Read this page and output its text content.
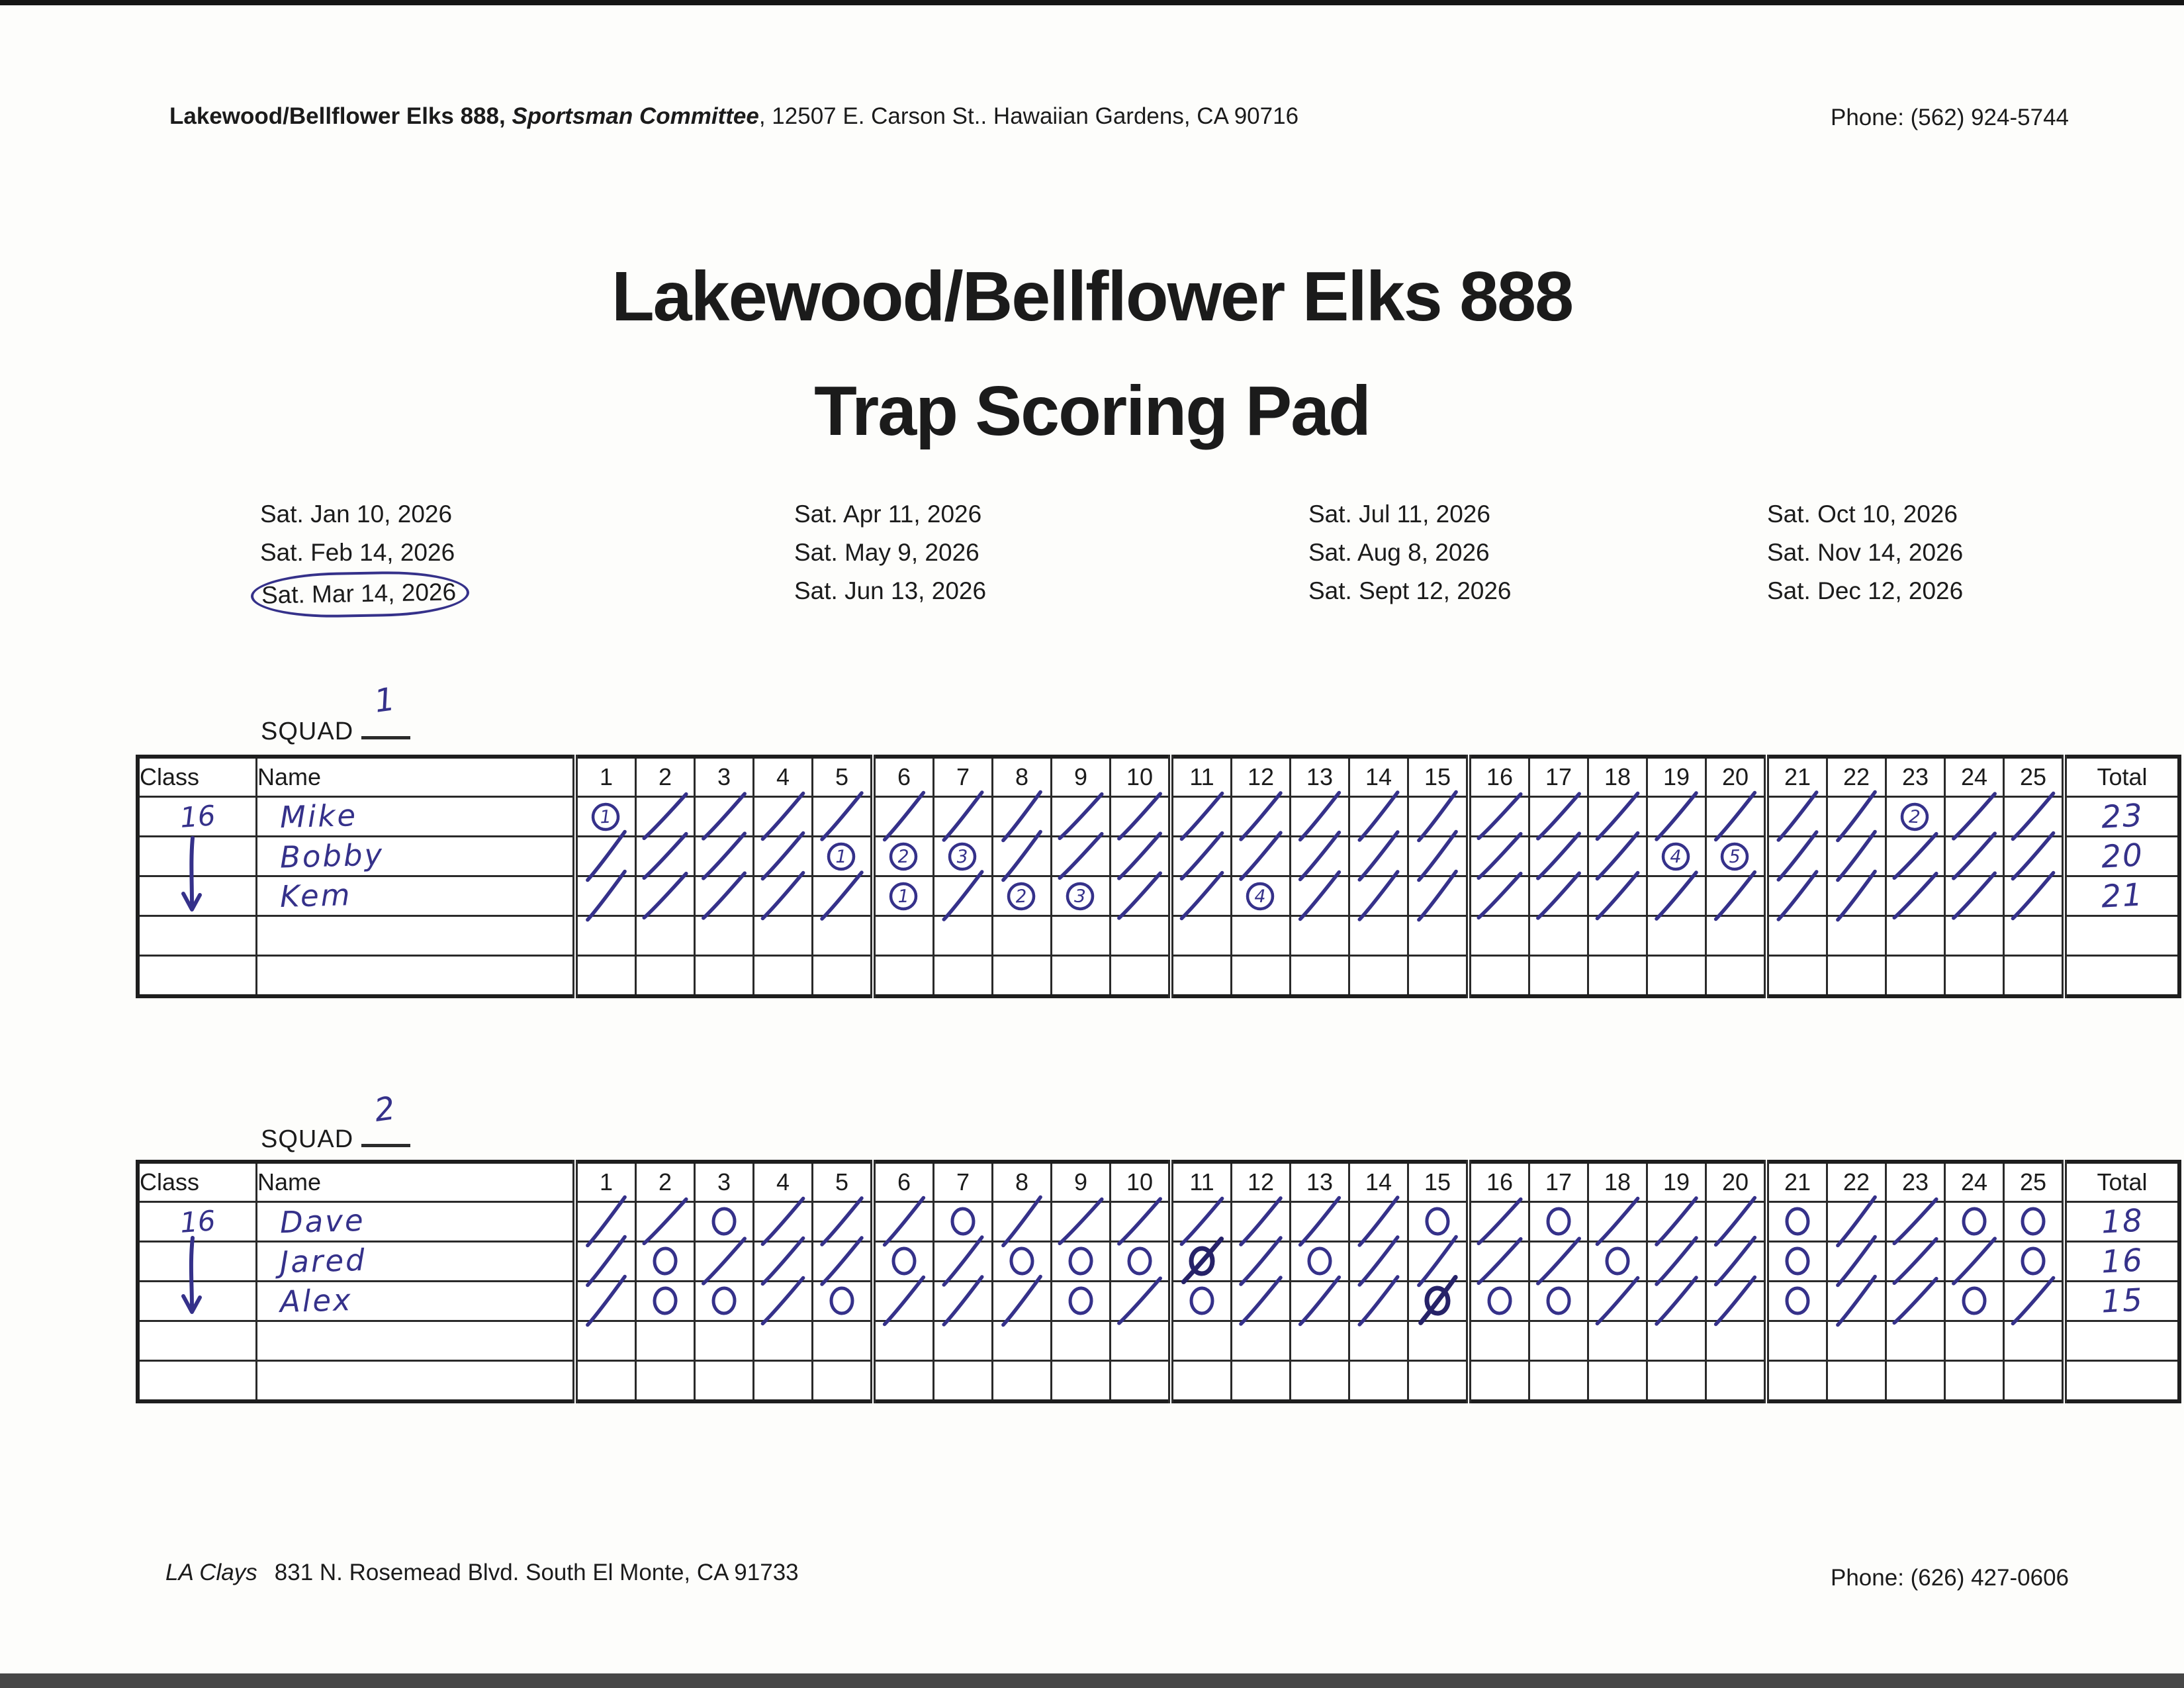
Lakewood/Bellflower Elks 888, Sportsman Committee, 12507 E. Carson St.. Hawaiian Gardens, CA 90716	Phone: (562) 924-5744
Lakewood/Bellflower Elks 888
Trap Scoring Pad
Sat. Jan 10, 2026
Sat. Feb 14, 2026
Sat. Mar 14, 2026
Sat. Apr 11, 2026
Sat. May 9, 2026
Sat. Jun 13, 2026
Sat. Jul 11, 2026
Sat. Aug 8, 2026
Sat. Sept 12, 2026
Sat. Oct 10, 2026
Sat. Nov 14, 2026
Sat. Dec 12, 2026
SQUAD
1
Class	Name	1	2	3	4	5	6	7	8	9	10	11	12	13	14	15	16	17	18	19	20	21	22	23	24	25	Total
16	Mike	1																						2			23
	Bobby					1	2	3												4	5						20
	Kem						1		2	3			4														21

SQUAD
2
Class	Name	1	2	3	4	5	6	7	8	9	10	11	12	13	14	15	16	17	18	19	20	21	22	23	24	25	Total
16	Dave																										18
	Jared																										16
	Alex																										15

LA Clays 831 N. Rosemead Blvd. South El Monte, CA 91733	Phone: (626) 427-0606
